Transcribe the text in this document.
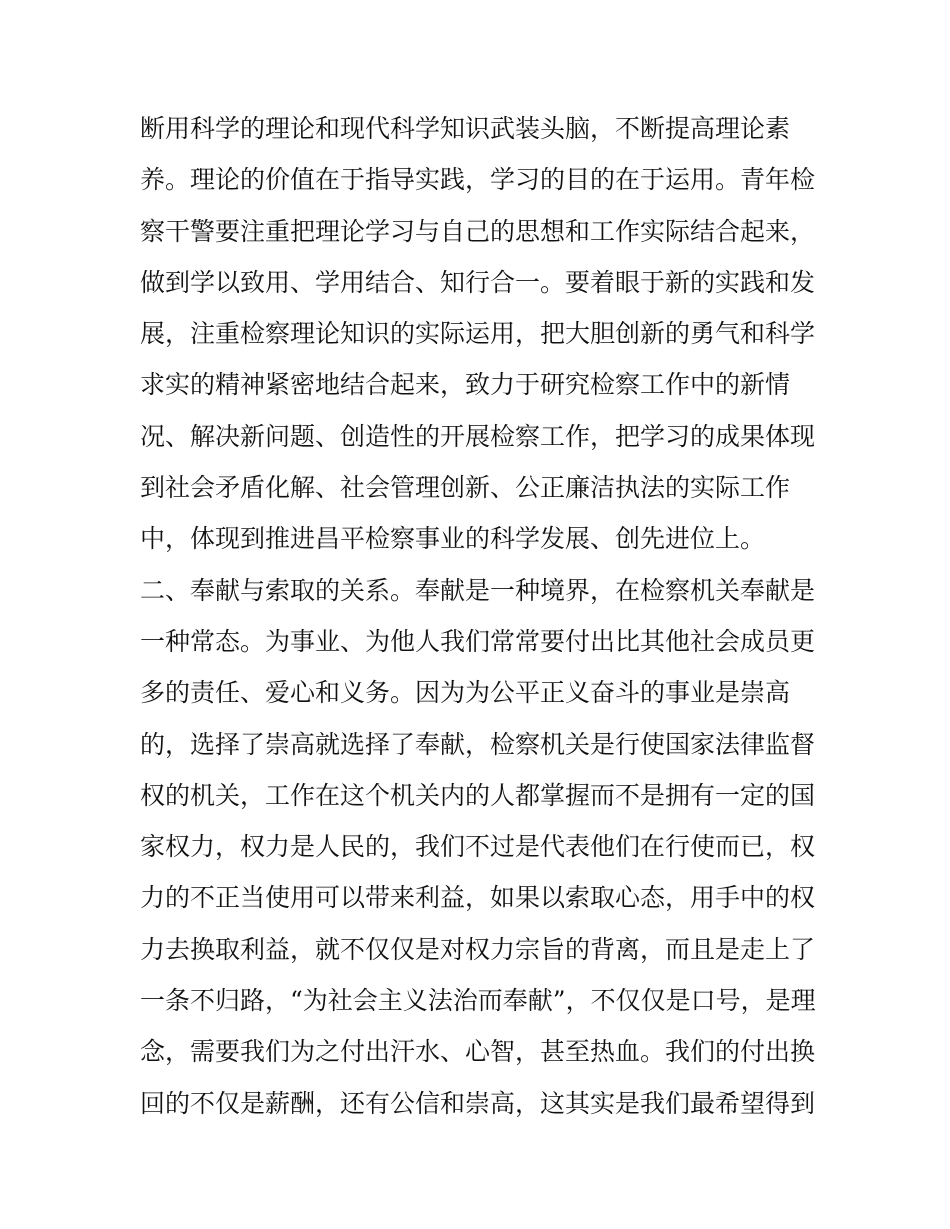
断用科学的理论和现代科学知识武装头脑，不断提高理论素
养。理论的价值在于指导实践，学习的目的在于运用。青年检
察干警要注重把理论学习与自己的思想和工作实际结合起来，
做到学以致用、学用结合、知行合一。要着眼于新的实践和发
展，注重检察理论知识的实际运用，把大胆创新的勇气和科学
求实的精神紧密地结合起来，致力于研究检察工作中的新情
况、解决新问题、创造性的开展检察工作，把学习的成果体现
到社会矛盾化解、社会管理创新、公正廉洁执法的实际工作
中，体现到推进昌平检察事业的科学发展、创先进位上。
二、奉献与索取的关系。奉献是一种境界，在检察机关奉献是
一种常态。为事业、为他人我们常常要付出比其他社会成员更
多的责任、爱心和义务。因为为公平正义奋斗的事业是崇高
的，选择了崇高就选择了奉献，检察机关是行使国家法律监督
权的机关，工作在这个机关内的人都掌握而不是拥有一定的国
家权力，权力是人民的，我们不过是代表他们在行使而已，权
力的不正当使用可以带来利益，如果以索取心态，用手中的权
力去换取利益，就不仅仅是对权力宗旨的背离，而且是走上了
一条不归路，“为社会主义法治而奉献”，不仅仅是口号，是理
念，需要我们为之付出汗水、心智，甚至热血。我们的付出换
回的不仅是薪酬，还有公信和崇高，这其实是我们最希望得到
